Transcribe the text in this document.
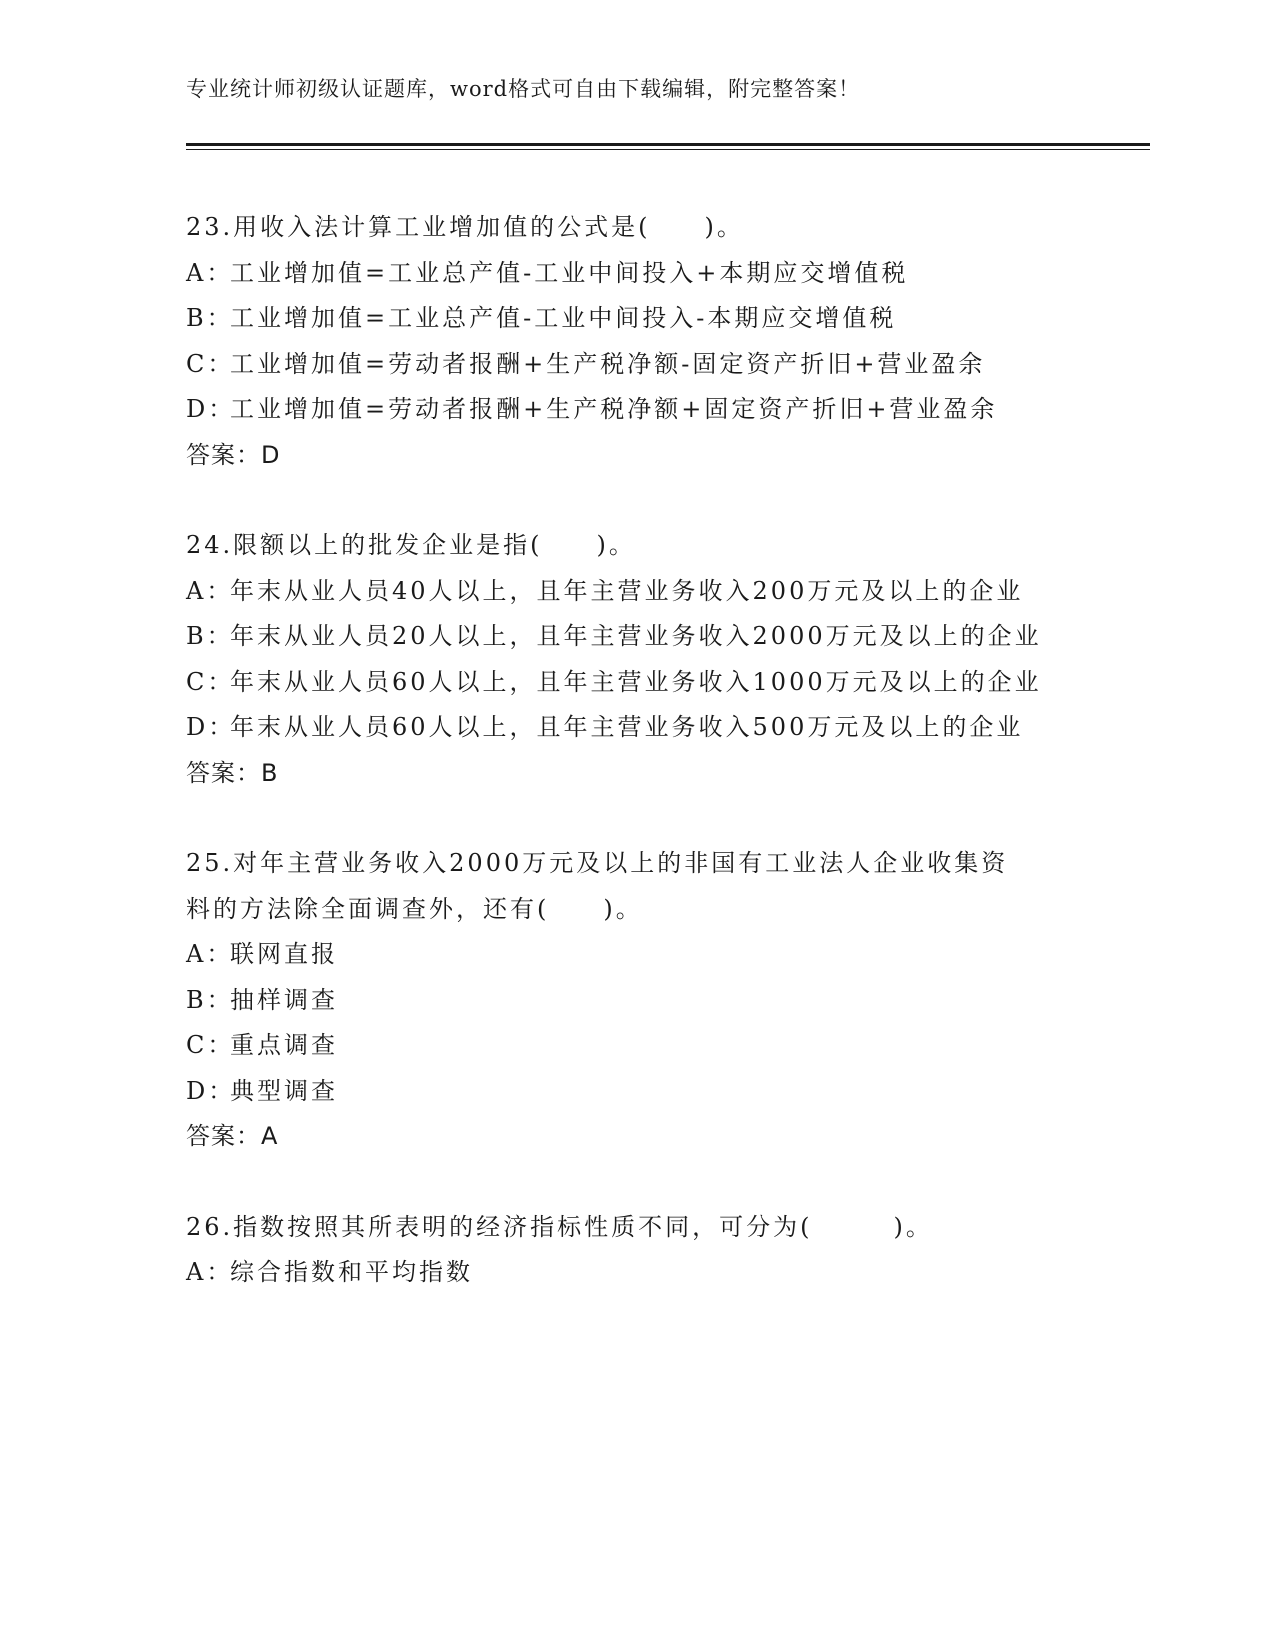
专业统计师初级认证题库，word格式可自由下载编辑，附完整答案！
23.用收入法计算工业增加值的公式是(　　)。
A：
工业增加值=工业总产值-工业中间投入+本期应交增值税
B：
工业增加值=工业总产值-工业中间投入-本期应交增值税
C：
工业增加值=劳动者报酬+生产税净额-固定资产折旧+营业盈余
D：
工业增加值=劳动者报酬+生产税净额+固定资产折旧+营业盈余
答案：D
24.限额以上的批发企业是指(　　)。
A：
年末从业人员40人以上，且年主营业务收入200万元及以上的企业
B：
年末从业人员20人以上，且年主营业务收入2000万元及以上的企业
C：
年末从业人员60人以上，且年主营业务收入1000万元及以上的企业
D：
年末从业人员60人以上，且年主营业务收入500万元及以上的企业
答案：B
25.对年主营业务收入2000万元及以上的非国有工业法人企业收集资
料的方法除全面调查外，还有(　　)。
A：
联网直报
B：
抽样调查
C：
重点调查
D：
典型调查
答案：A
26.指数按照其所表明的经济指标性质不同，可分为(　　　)。
A：
综合指数和平均指数
